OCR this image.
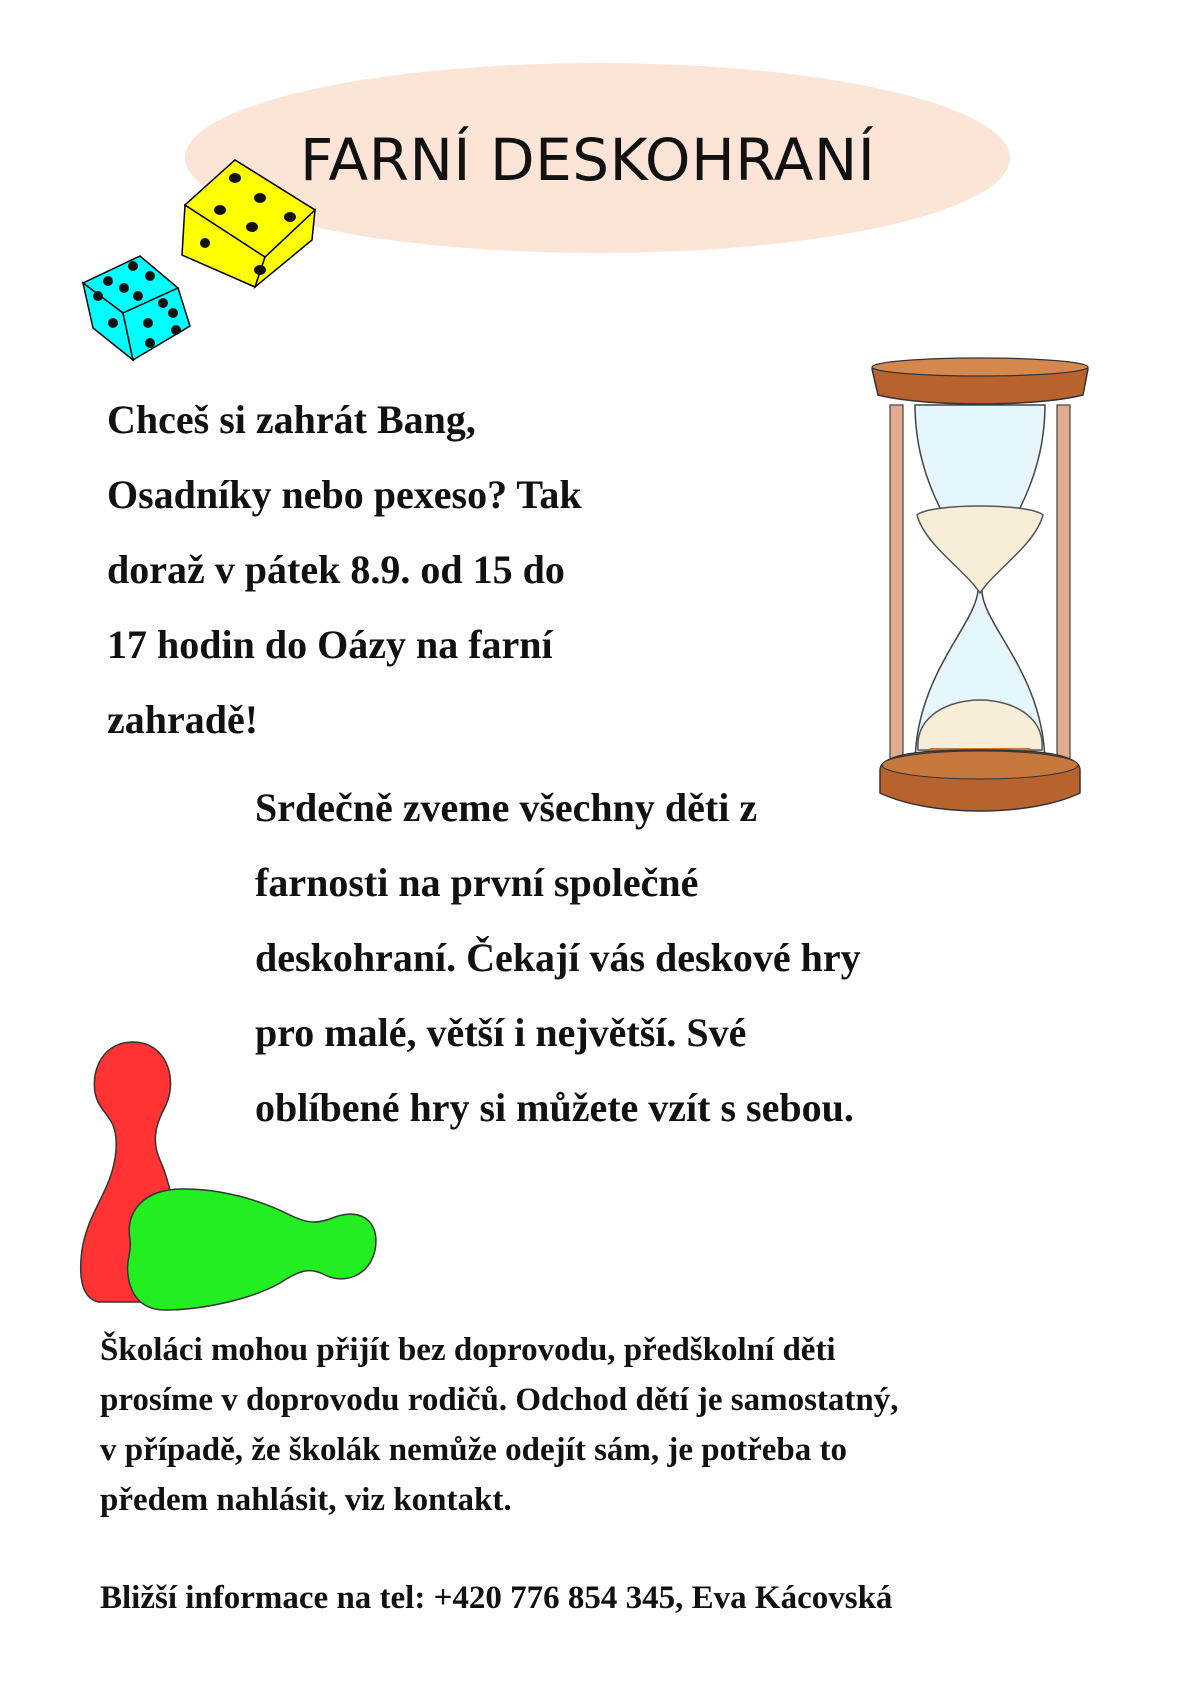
FARNÍ DESKOHRANÍ
Chceš si zahrát Bang,
Osadníky nebo pexeso? Tak
doraž v pátek 8.9. od 15 do
17 hodin do Oázy na farní
zahradě!
Srdečně zveme všechny děti z
farnosti na první společné
deskohraní. Čekají vás deskové hry
pro malé, větší i největší. Své
oblíbené hry si můžete vzít s sebou.
Školáci mohou přijít bez doprovodu, předškolní děti
prosíme v doprovodu rodičů. Odchod dětí je samostatný,
v případě, že školák nemůže odejít sám, je potřeba to
předem nahlásit, viz kontakt.
Bližší informace na tel: +420 776 854 345, Eva Kácovská
